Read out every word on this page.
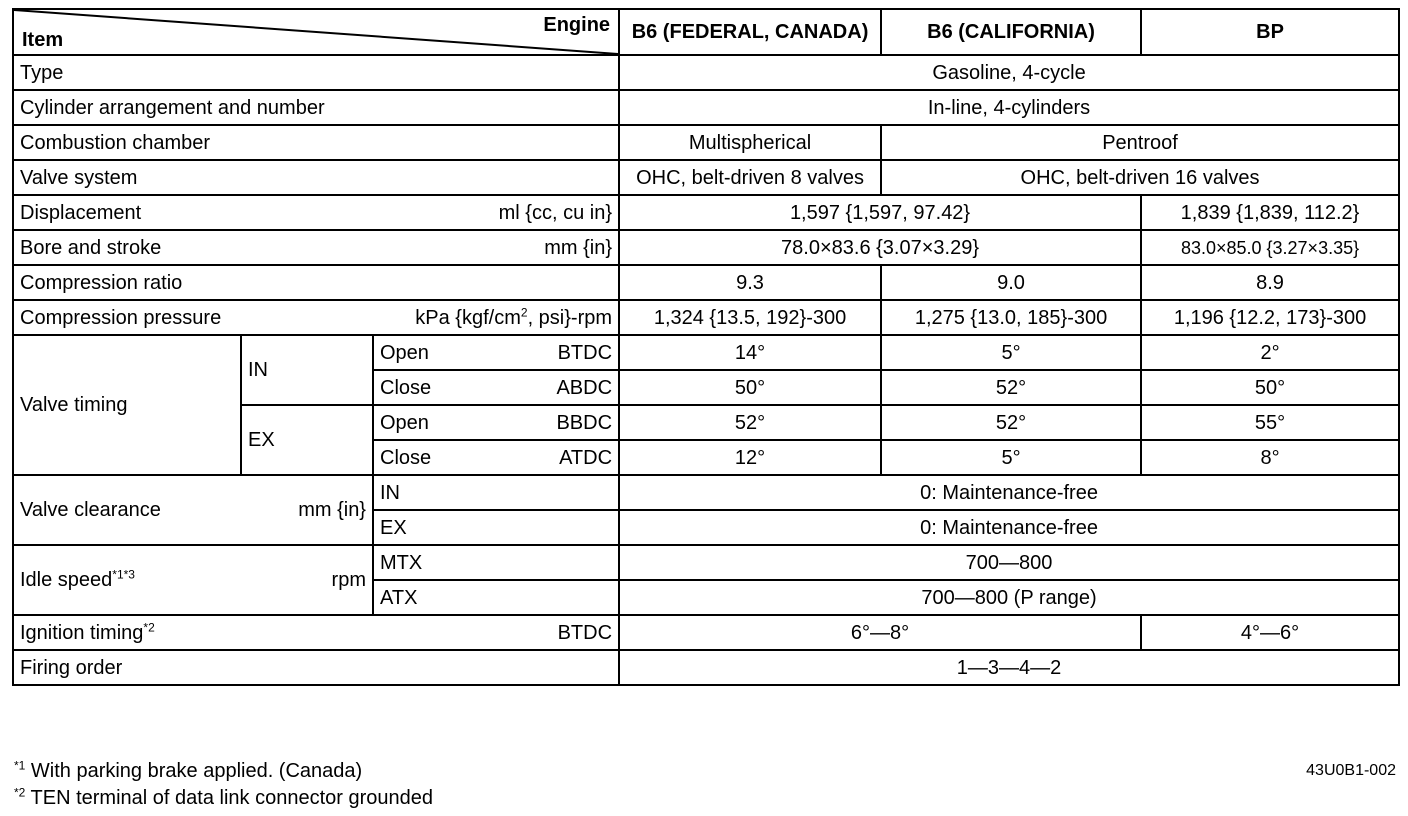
Engine
Item			B6 (FEDERAL, CANADA)	B6 (CALIFORNIA)	BP
Type			Gasoline, 4-cycle		
Cylinder arrangement and number			In-line, 4-cylinders		
Combustion chamber			Multispherical	Pentroof	
Valve system			OHC, belt-driven 8 valves	OHC, belt-driven 16 valves	

Displacement ml {cc, cu in}			1,597 {1,597, 97.42}		1,839 {1,839, 112.2}

Bore and stroke mm {in}			78.0×83.6 {3.07×3.29}		83.0×85.0 {3.27×3.35}
Compression ratio			9.3	9.0	8.9

Compression pressure kPa {$kgf/cm^2$, psi}-rpm			1,324 {13.5, 192}-300	1,275 {13.0, 185}-300	1,196 {12.2, 173}-300
Valve timing	IN	Open BTDC	14°	5°	2°

		Close ABDC	50°	52°	50°
	EX	Open BBDC	52°	52°	55°

		Close ATDC	12°	5°	8°

Valve clearance mm {in}		IN	0: Maintenance-free		
		EX	0: Maintenance-free		

Idle speed$^{*1*3}$ rpm		MTX	700—800		
		ATX	700—800 (P range)		

Ignition timing$^{*2}$ BTDC			6°—8°		4°—6°
Firing order			1—3—4—2		
$^{*1}$ With parking brake applied. (Canada)
$^{*2}$ TEN terminal of data link connector grounded
43U0B1-002
